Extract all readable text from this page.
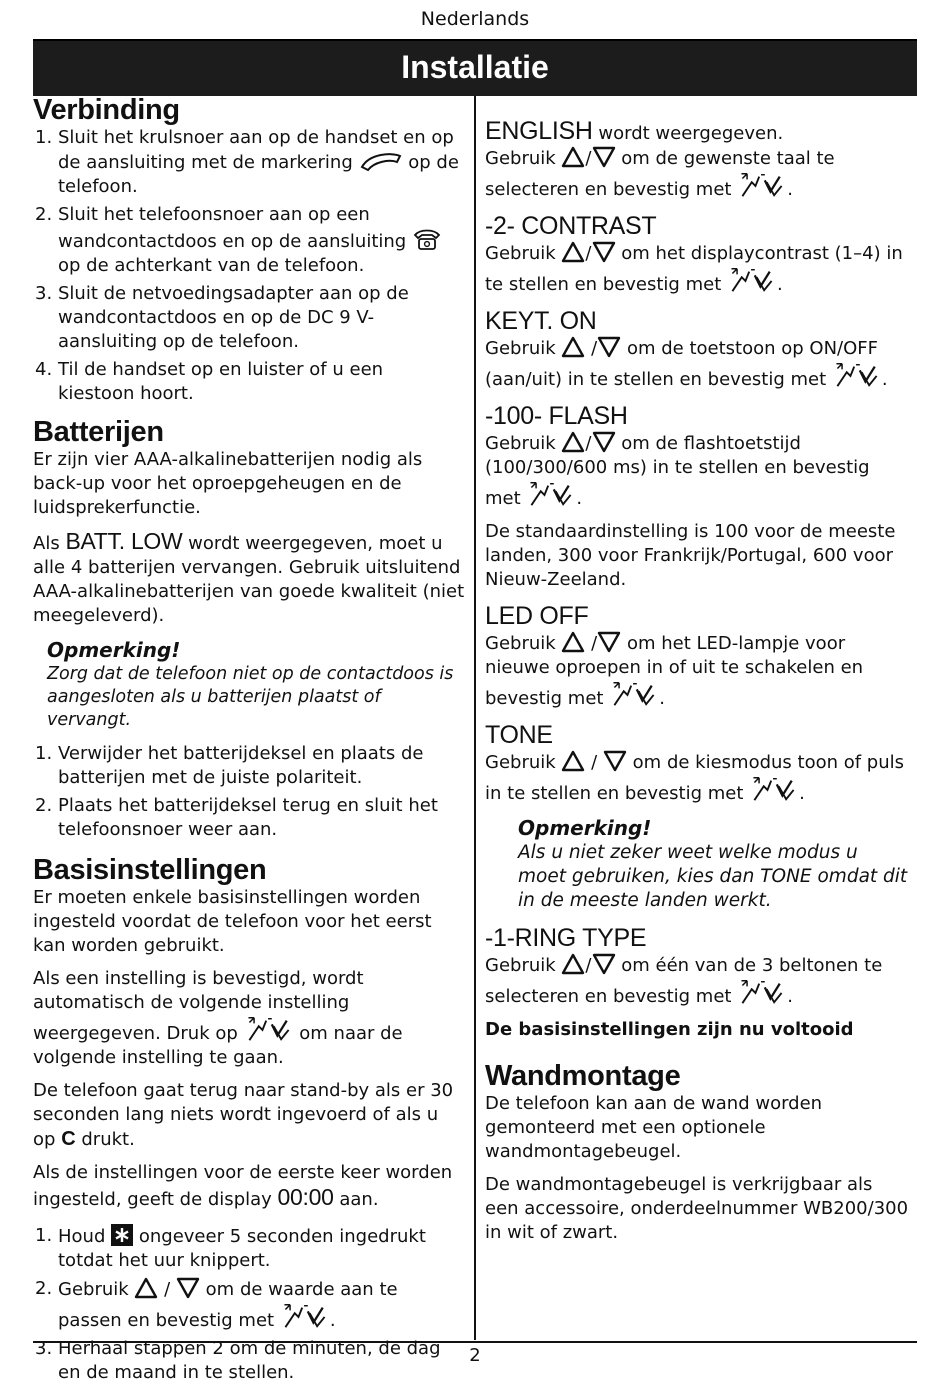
Nederlands
Installatie
2
Verbinding
1. Sluit het krulsnoer aan op de handset en op de aansluiting met de markering	op de telefoon.
2. Sluit het telefoonsnoer aan op een wandcontactdoos en op de aansluiting
op de achterkant van de telefoon.
3. Sluit de netvoedingsadapter aan op de wandcontactdoos en op de DC 9 V-aansluiting op de telefoon.
4. Til de handset op en luister of u een kiestoon hoort.
Batterijen

Er zijn vier AAA-alkalinebatterijen nodig als back-up voor het oproepgeheugen en de luidsprekerfunctie.

Als BATT. LOW wordt weergegeven, moet u alle 4 batterijen vervangen. Gebruik uitsluitend AAA-alkalinebatterijen van goede kwaliteit (niet meegeleverd).

Opmerking!
Zorg dat de telefoon niet op de contactdoos is aangesloten als u batterijen plaatst of vervangt.
1. Verwijder het batterijdeksel en plaats de batterijen met de juiste polariteit.
2. Plaats het batterijdeksel terug en sluit het telefoonsnoer weer aan.
Basisinstellingen

Er moeten enkele basisinstellingen worden ingesteld voordat de telefoon voor het eerst kan worden gebruikt.

Als een instelling is bevestigd, wordt automatisch de volgende instelling weergegeven. Druk op	om naar de volgende instelling te gaan.

De telefoon gaat terug naar stand-by als er 30 seconden lang niets wordt ingevoerd of als u op C drukt.

Als de instellingen voor de eerste keer worden ingesteld, geeft de display 00:00 aan.

1. Houd ongeveer 5 seconden ingedrukt totdat het uur knippert.
2. Gebruik
/
om de waarde aan te passen en bevestig met	.
3. Herhaal stappen 2 om de minuten, de dag en de maand in te stellen.

ENGLISH wordt weergegeven.
Gebruik / om de gewenste taal te selecteren en bevestig met	.

-2- CONTRAST

Gebruik / om het displaycontrast (1–4) in te stellen en bevestig met	.

KEYT. ON

Gebruik
/ om de toetstoon op ON/OFF (aan/uit) in te stellen en bevestig met	.

-100- FLASH

Gebruik / om de flashtoetstijd (100/300/600 ms) in te stellen en bevestig met	.

De standaardinstelling is 100 voor de meeste landen, 300 voor Frankrijk/Portugal, 600 voor Nieuw-Zeeland.

LED OFF

Gebruik
/ om het LED-lampje voor nieuwe oproepen in of uit te schakelen en bevestig met	.

TONE

Gebruik
/
om de kiesmodus toon of puls in te stellen en bevestig met	.

Opmerking!
Als u niet zeker weet welke modus u moet gebruiken, kies dan TONE omdat dit in de meeste landen werkt.
-1-RING TYPE

Gebruik / om één van de 3 beltonen te selecteren en bevestig met	.

De basisinstellingen zijn nu voltooid

Wandmontage

De telefoon kan aan de wand worden gemonteerd met een optionele wandmontagebeugel.

De wandmontagebeugel is verkrijgbaar als een accessoire, onderdeelnummer WB200/300 in wit of zwart.
